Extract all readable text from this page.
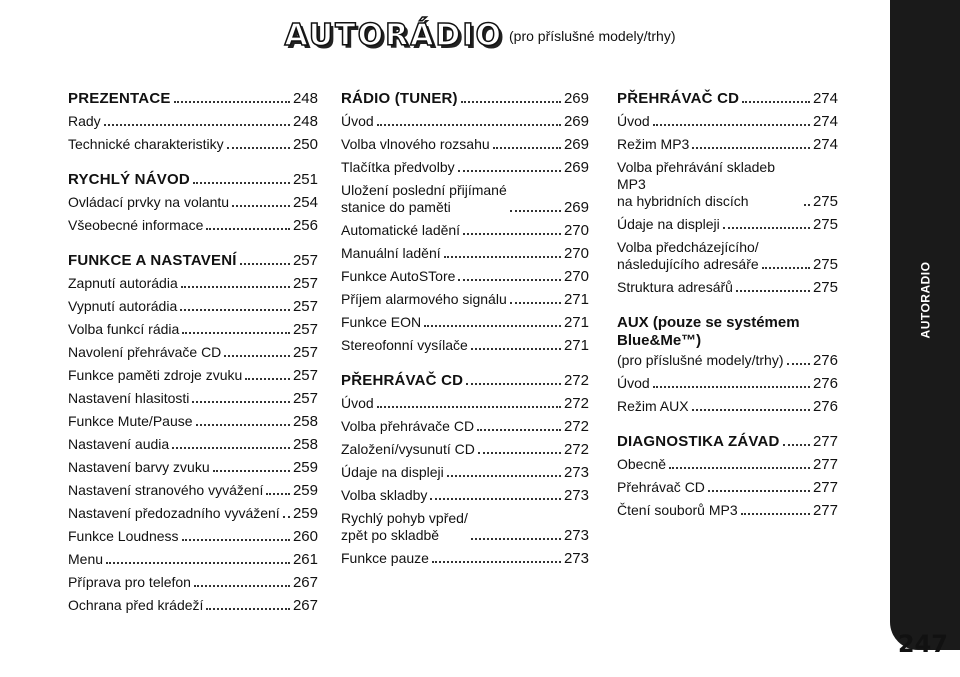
AUTORÁDIO (pro příslušné modely/trhy)
PREZENTACE	248
Rady	248
Technické charakteristiky	250
RYCHLÝ NÁVOD	251
Ovládací prvky na volantu	254
Všeobecné informace	256
FUNKCE A NASTAVENÍ	257
Zapnutí autorádia	257
Vypnutí autorádia	257
Volba funkcí rádia	257
Navolení přehrávače CD	257
Funkce paměti zdroje zvuku	257
Nastavení hlasitosti	257
Funkce Mute/Pause	258
Nastavení audia	258
Nastavení barvy zvuku	259
Nastavení stranového vyvážení 259
Nastavení předozadního vyvážení 259
Funkce Loudness	260
Menu	261
Příprava pro telefon	267
Ochrana před krádeží	267
RÁDIO (TUNER)	269
Úvod	269
Volba vlnového rozsahu	269
Tlačítka předvolby	269
Uložení poslední přijímané
stanice do paměti	269
Automatické ladění	270
Manuální ladění	270
Funkce AutoSTore	270
Příjem alarmového signálu	271
Funkce EON	271
Stereofonní vysílače	271
PŘEHRÁVAČ CD	272
Úvod	272
Volba přehrávače CD	272
Založení/vysunutí CD	272
Údaje na displeji	273
Volba skladby	273
Rychlý pohyb vpřed/
zpět po skladbě	273
Funkce pauze	273
PŘEHRÁVAČ CD	274
Úvod	274
Režim MP3	274
Volba přehrávání skladeb MP3
na hybridních discích	275
Údaje na displeji	275
Volba předcházejícího/
následujícího adresáře	275
Struktura adresářů	275
AUX (pouze se systémem
Blue&Me™)
(pro příslušné modely/trhy) 276
Úvod	276
Režim AUX	276
DIAGNOSTIKA ZÁVAD 277
Obecně	277
Přehrávač CD	277
Čtení souborů MP3	277
AUTORADIO
247
